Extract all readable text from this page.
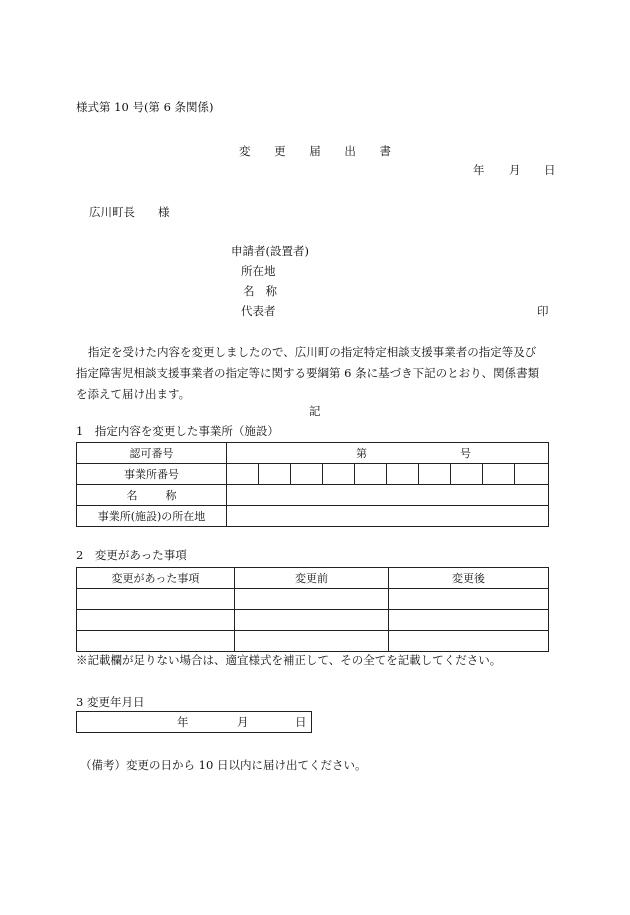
様式第 10 号(第 6 条関係)
変 更 届 出 書
年 月 日
広川町長 様
申請者(設置者)
所在地
名 称
代表者	印
指定を受けた内容を変更しましたので、広川町の指定特定相談支援事業者の指定等及び
指定障害児相談支援事業者の指定等に関する要綱第 6 条に基づき下記のとおり、関係書類
を添えて届け出ます。
記
1　指定内容を変更した事業所（施設）
認可番号	第 号									

事業所番号										

名 称										

事業所(施設)の所在地										
2　変更があった事項
変更があった事項	変更前	変更後

※記載欄が足りない場合は、適宜様式を補正して、その全てを記載してください。
3 変更年月日
年	月	日
（備考）変更の日から 10 日以内に届け出てください。
